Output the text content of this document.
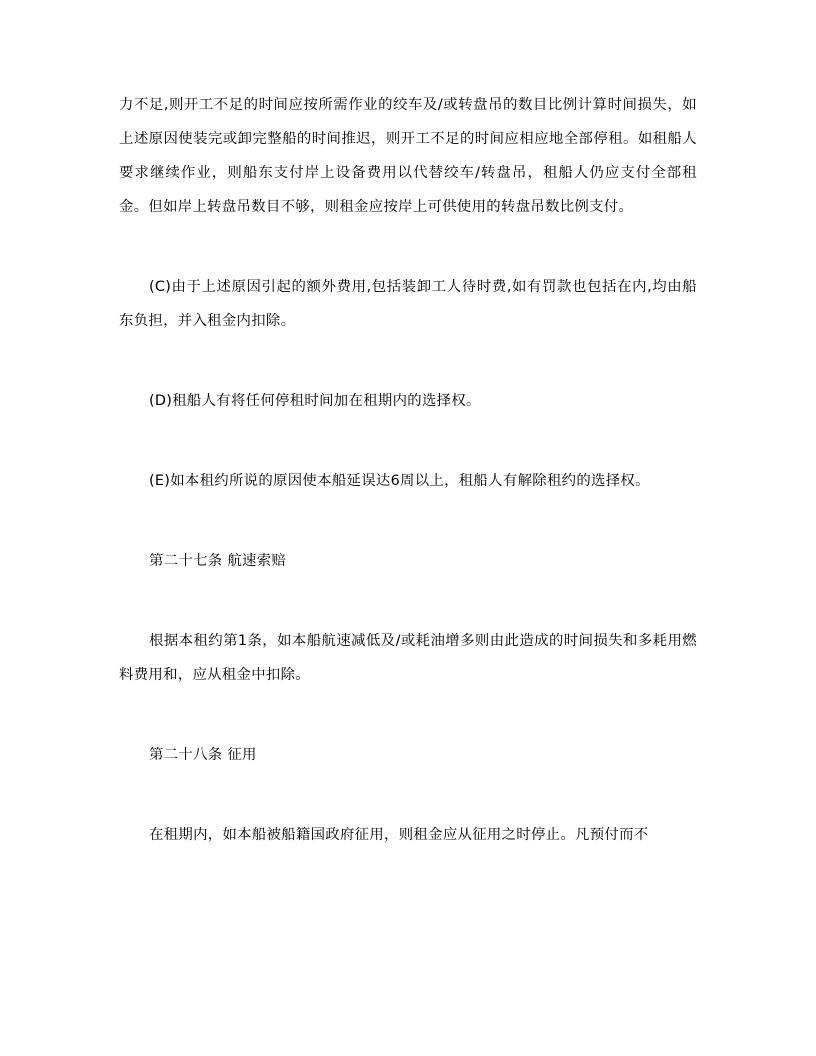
力不足,则开工不足的时间应按所需作业的绞车及/或转盘吊的数目比例计算时间损失，如上述原因使装完或卸完整船的时间推迟，则开工不足的时间应相应地全部停租。如租船人要求继续作业，则船东支付岸上设备费用以代替绞车/转盘吊，租船人仍应支付全部租金。但如岸上转盘吊数目不够，则租金应按岸上可供使用的转盘吊数比例支付。

(C)由于上述原因引起的额外费用,包括装卸工人待时费,如有罚款也包括在内,均由船东负担，并入租金内扣除。

(D)租船人有将任何停租时间加在租期内的选择权。

(E)如本租约所说的原因使本船延误达6周以上，租船人有解除租约的选择权。

第二十七条 航速索赔

根据本租约第1条，如本船航速减低及/或耗油增多则由此造成的时间损失和多耗用燃料费用和，应从租金中扣除。

第二十八条 征用

在租期内，如本船被船籍国政府征用，则租金应从征用之时停止。凡预付而不
